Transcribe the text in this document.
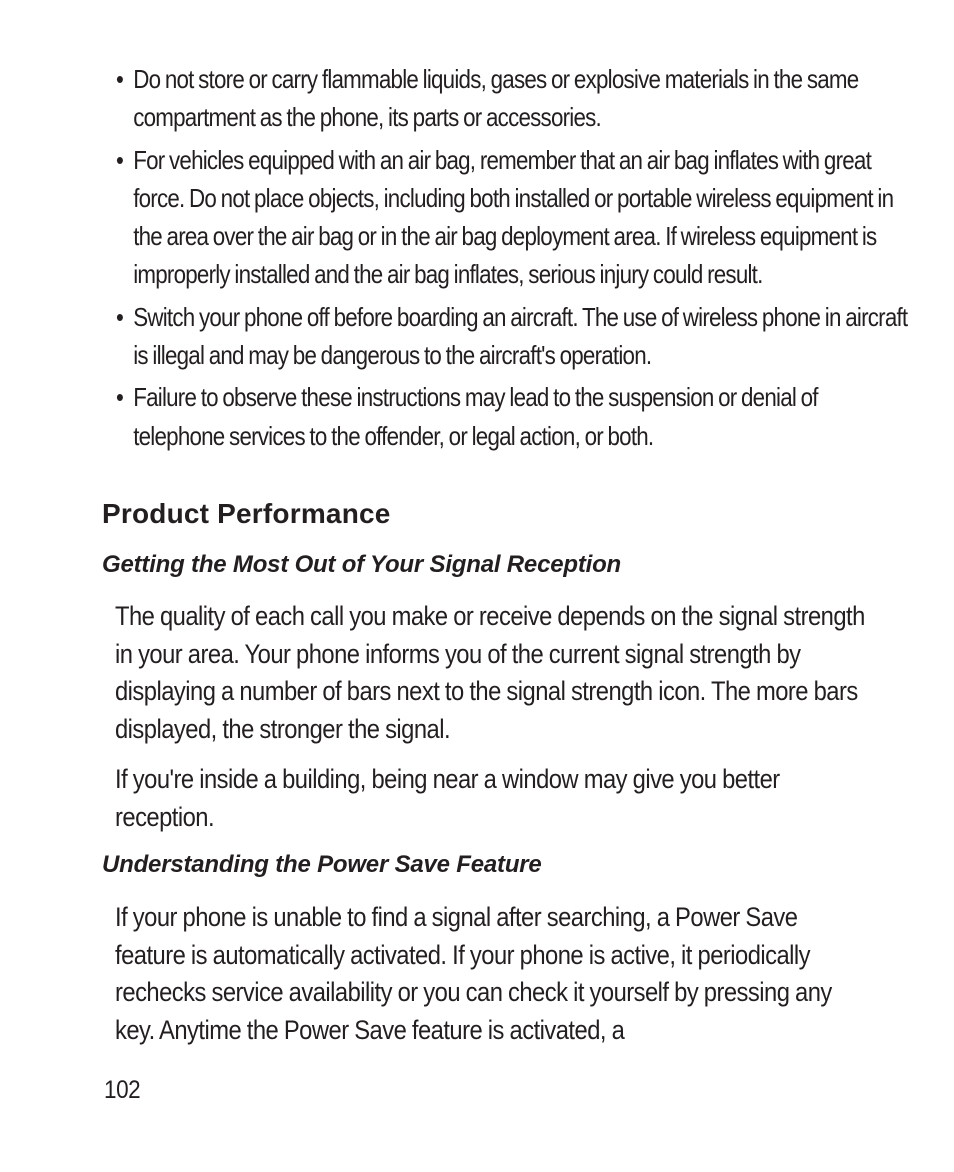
• Do not store or carry flammable liquids, gases or explosive materials in the same compartment as the phone, its parts or accessories.
• For vehicles equipped with an air bag, remember that an air bag inflates with great force. Do not place objects, including both installed or portable wireless equipment in the area over the air bag or in the air bag deployment area. If wireless equipment is improperly installed and the air bag inflates, serious injury could result.
• Switch your phone off before boarding an aircraft. The use of wireless phone in aircraft is illegal and may be dangerous to the aircraft's operation.
• Failure to observe these instructions may lead to the suspension or denial of telephone services to the offender, or legal action, or both.
Product Performance
Getting the Most Out of Your Signal Reception

The quality of each call you make or receive depends on the signal strength in your area. Your phone informs you of the current signal strength by displaying a number of bars next to the signal strength icon. The more bars displayed, the stronger the signal.

If you're inside a building, being near a window may give you better reception.

Understanding the Power Save Feature

If your phone is unable to find a signal after searching, a Power Save feature is automatically activated. If your phone is active, it periodically rechecks service availability or you can check it yourself by pressing any key. Anytime the Power Save feature is activated, a

102
